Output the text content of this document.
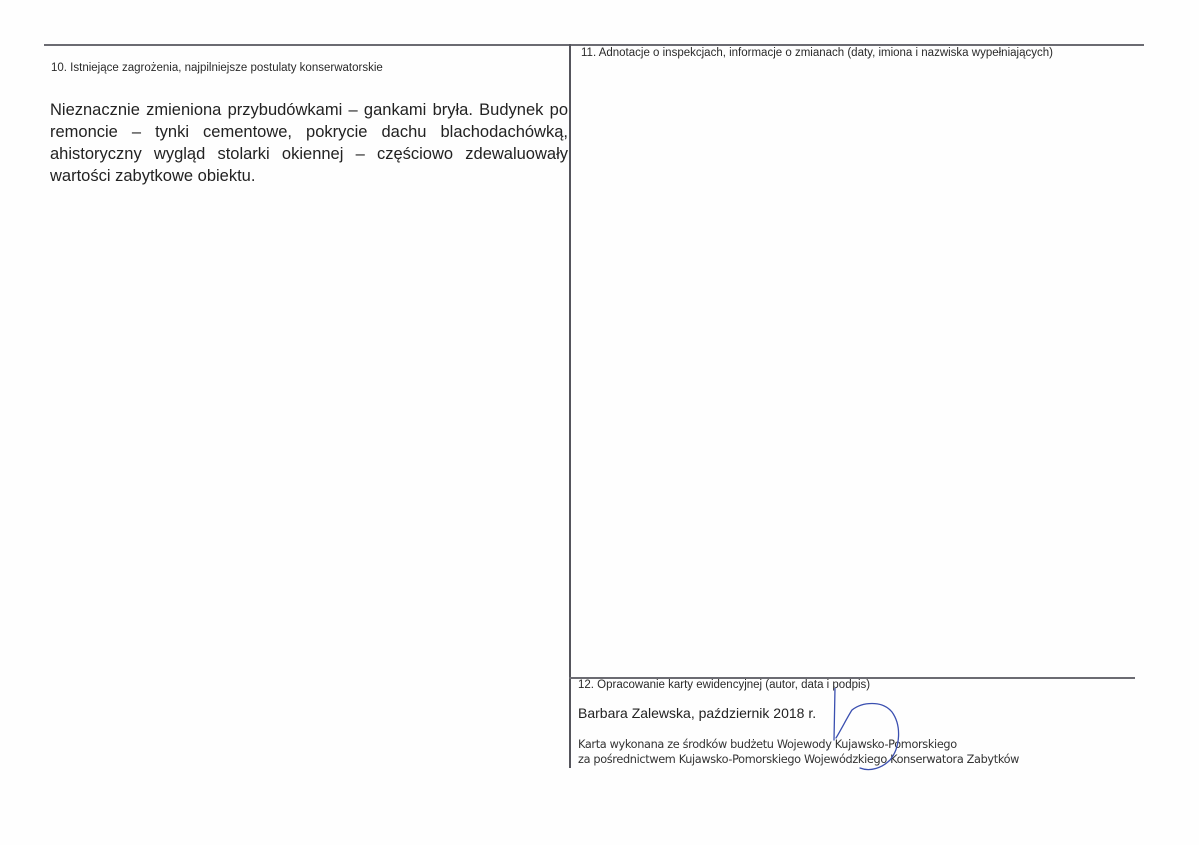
10. Istniejące zagrożenia, najpilniejsze postulaty konserwatorskie
Nieznacznie zmieniona przybudówkami – gankami bryła. Budynek po remoncie – tynki cementowe, pokrycie dachu blachodachówką, ahistoryczny wygląd stolarki okiennej – częściowo zdewaluowały wartości zabytkowe obiektu.
11. Adnotacje o inspekcjach, informacje o zmianach (daty, imiona i nazwiska wypełniających)
12. Opracowanie karty ewidencyjnej (autor, data i podpis)
Barbara Zalewska, październik 2018 r.
Karta wykonana ze środków budżetu Wojewody Kujawsko-Pomorskiego
za pośrednictwem Kujawsko-Pomorskiego Wojewódzkiego Konserwatora Zabytków
